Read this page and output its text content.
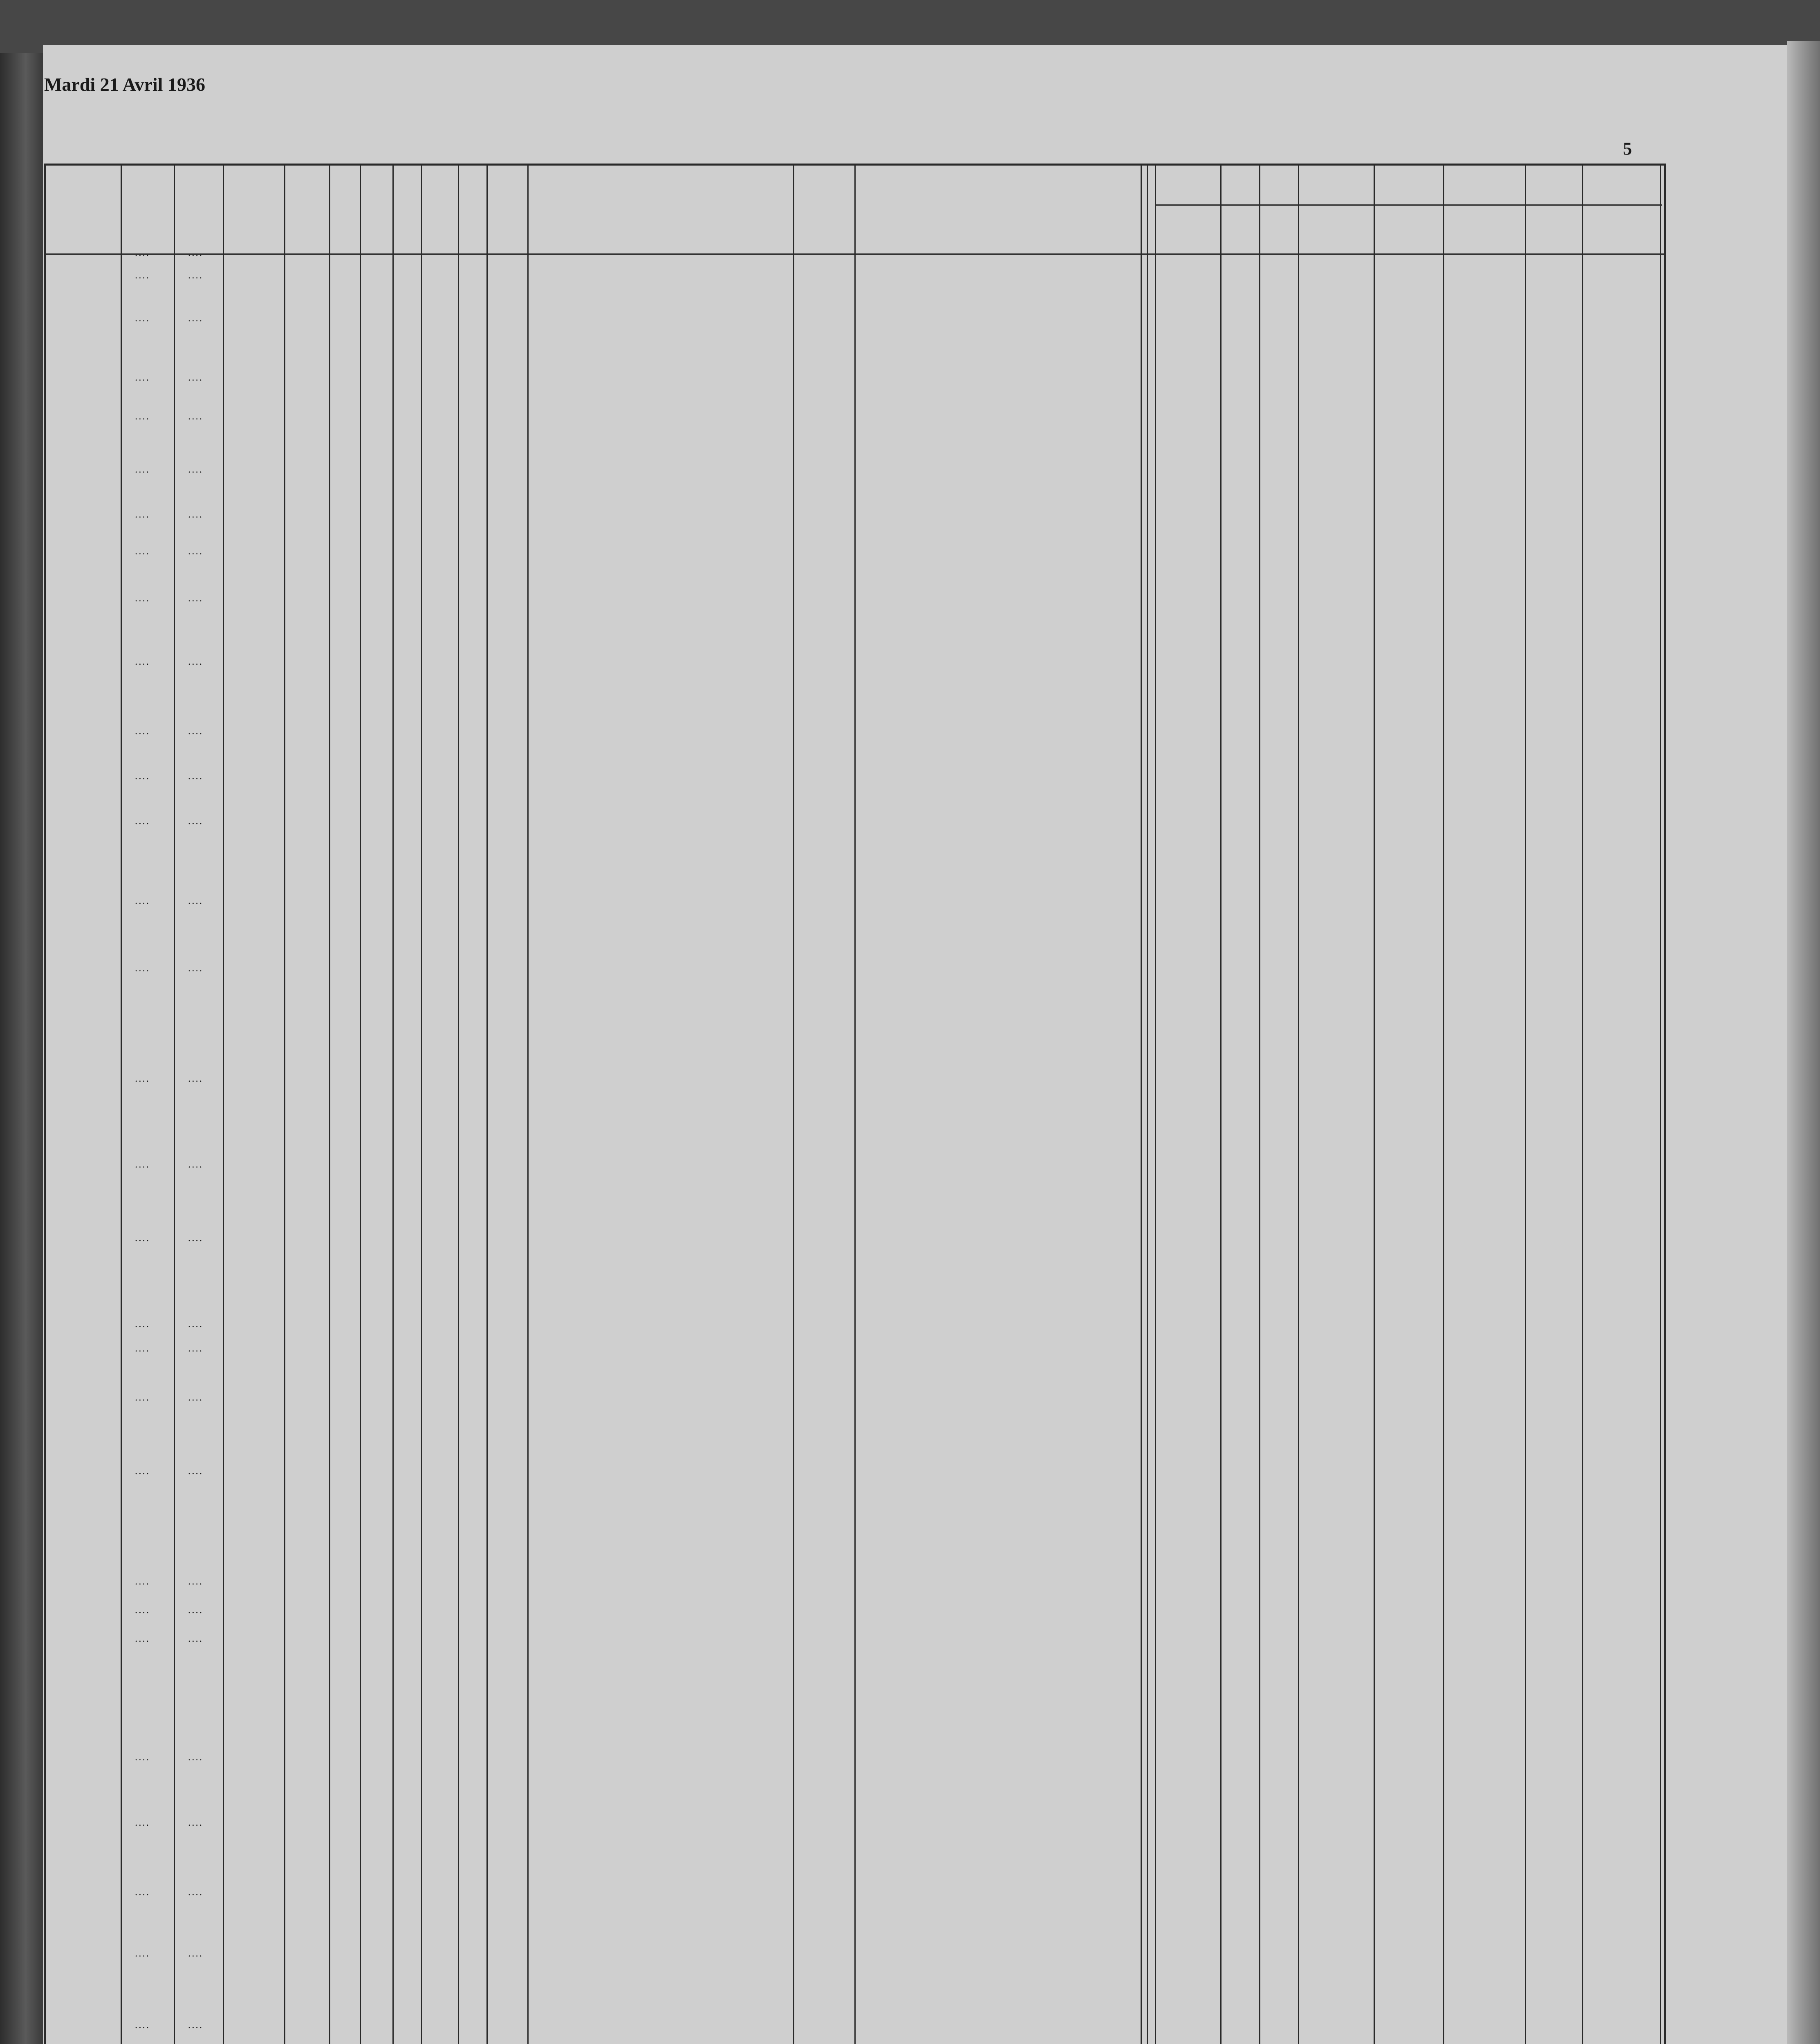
Mardi 21 Avril 1936
5
....	....
....	....
....	....
....	....
....	....
....	....
....	....
....	....
....	....
....	....
....	....
....	....
....	....
....	....
....	....
....	....
....	....
....	....
....	....
....	....
....	....
....	....
....	....
....	....
....	....
....	....
....	....
....	....
....	....
....	....
